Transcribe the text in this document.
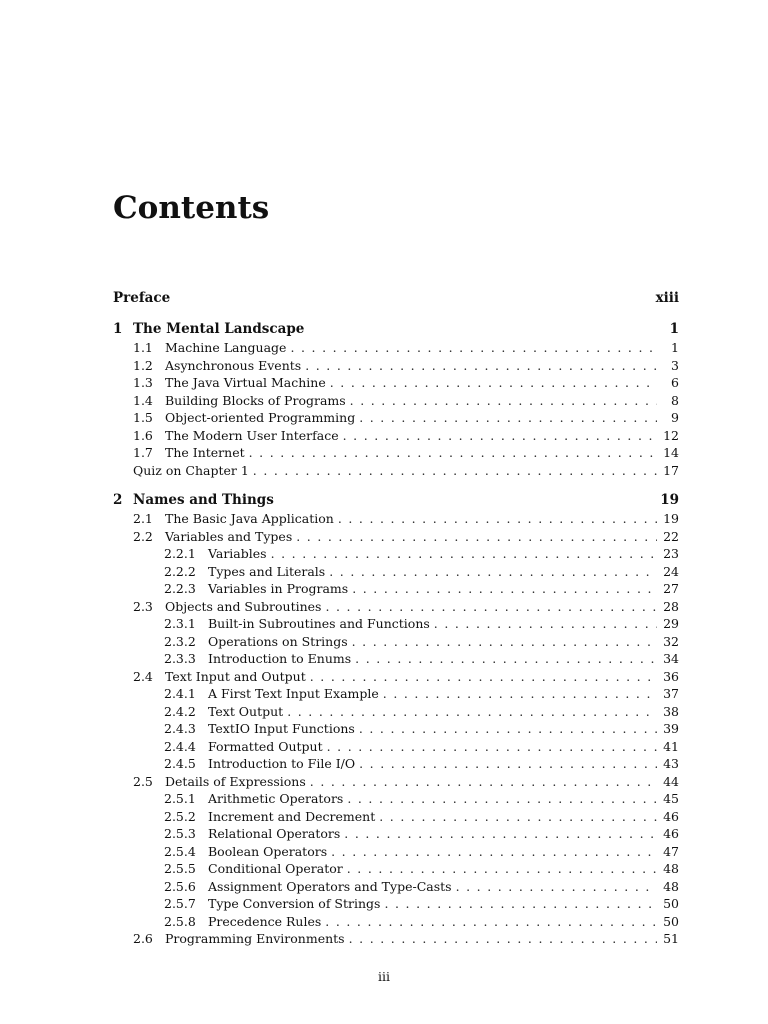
Contents
Preface	xiii
1 The Mental Landscape	1
1.1 Machine Language . . .	1
1.2 Asynchronous Events . . .	3
1.3 The Java Virtual Machine . . .	6
1.4 Building Blocks of Programs . . .	8
1.5 Object-oriented Programming . . .	9
1.6 The Modern User Interface . . .	12
1.7 The Internet . . .	14
Quiz on Chapter 1 . . .	17
2 Names and Things	19
2.1 The Basic Java Application . . .	19
2.2 Variables and Types . . .	22
2.2.1 Variables . . .	23
2.2.2 Types and Literals . . .	24
2.2.3 Variables in Programs . . .	27
2.3 Objects and Subroutines . . .	28
2.3.1 Built-in Subroutines and Functions . . .	29
2.3.2 Operations on Strings . . .	32
2.3.3 Introduction to Enums . . .	34
2.4 Text Input and Output . . .	36
2.4.1 A First Text Input Example . . .	37
2.4.2 Text Output . . .	38
2.4.3 TextIO Input Functions . . .	39
2.4.4 Formatted Output . . .	41
2.4.5 Introduction to File I/O . . .	43
2.5 Details of Expressions . . .	44
2.5.1 Arithmetic Operators . . .	45
2.5.2 Increment and Decrement . . .	46
2.5.3 Relational Operators . . .	46
2.5.4 Boolean Operators . . .	47
2.5.5 Conditional Operator . . .	48
2.5.6 Assignment Operators and Type-Casts . . .	48
2.5.7 Type Conversion of Strings . . .	50
2.5.8 Precedence Rules . . .	50
2.6 Programming Environments . . .	51
iii
